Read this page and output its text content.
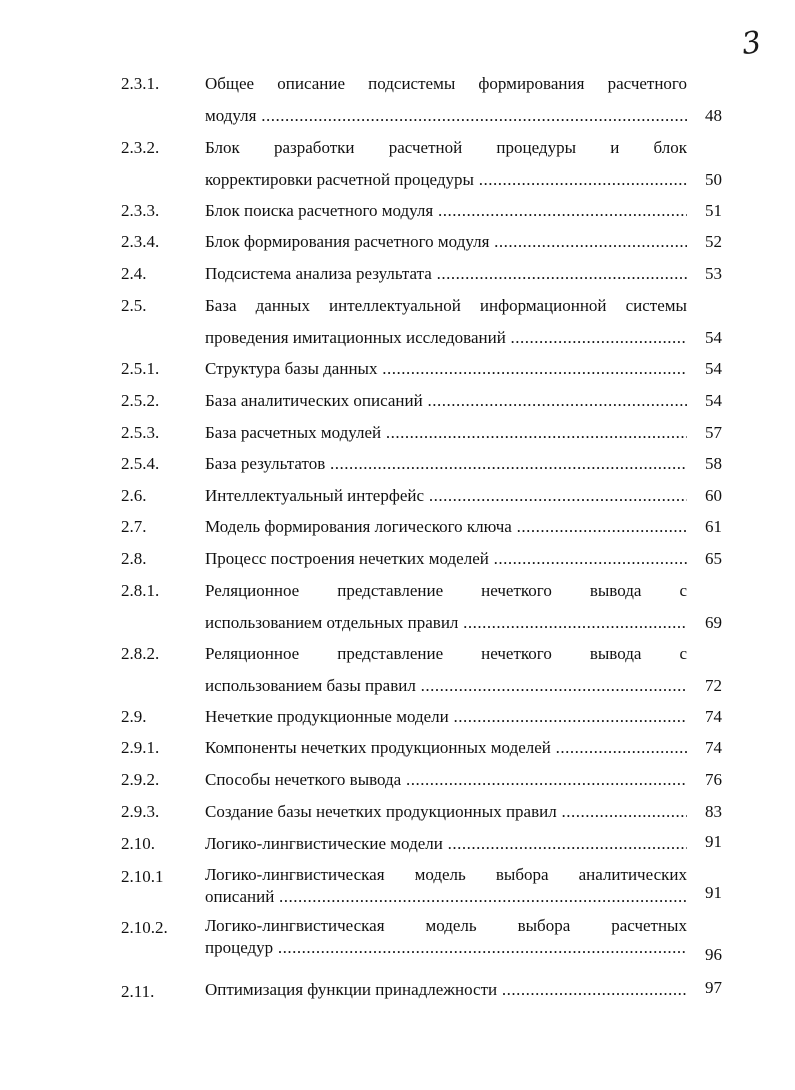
3
2.3.1.	Общее описание подсистемы формирования расчетного
модуля .....	48
2.3.2.	Блок разработки расчетной процедуры и блок
корректировки расчетной процедуры .....	50
2.3.3.	Блок поиска расчетного модуля .....	51
2.3.4.	Блок формирования расчетного модуля .....	52
2.4.	Подсистема анализа результата .....	53
2.5.	База данных интеллектуальной информационной системы
проведения имитационных исследований .....	54
2.5.1.	Структура базы данных .....	54
2.5.2.	База аналитических описаний .....	54
2.5.3.	База расчетных модулей .....	57
2.5.4.	База результатов .....	58
2.6.	Интеллектуальный интерфейс .....	60
2.7.	Модель формирования логического ключа .....	61
2.8.	Процесс построения нечетких моделей .....	65
2.8.1.	Реляционное представление нечеткого вывода с
использованием отдельных правил .....	69
2.8.2.	Реляционное представление нечеткого вывода с
использованием базы правил .....	72
2.9.	Нечеткие продукционные модели .....	74
2.9.1.	Компоненты нечетких продукционных моделей .....	74
2.9.2.	Способы нечеткого вывода .....	76
2.9.3.	Создание базы нечетких продукционных правил .....	83
2.10.	Логико-лингвистические модели .....	91
2.10.1 Логико-лингвистическая модель выбора аналитических
описаний .....	91
2.10.2. Логико-лингвистическая модель выбора расчетных
процедур .....	96
2.11.	Оптимизация функции принадлежности .....	97
